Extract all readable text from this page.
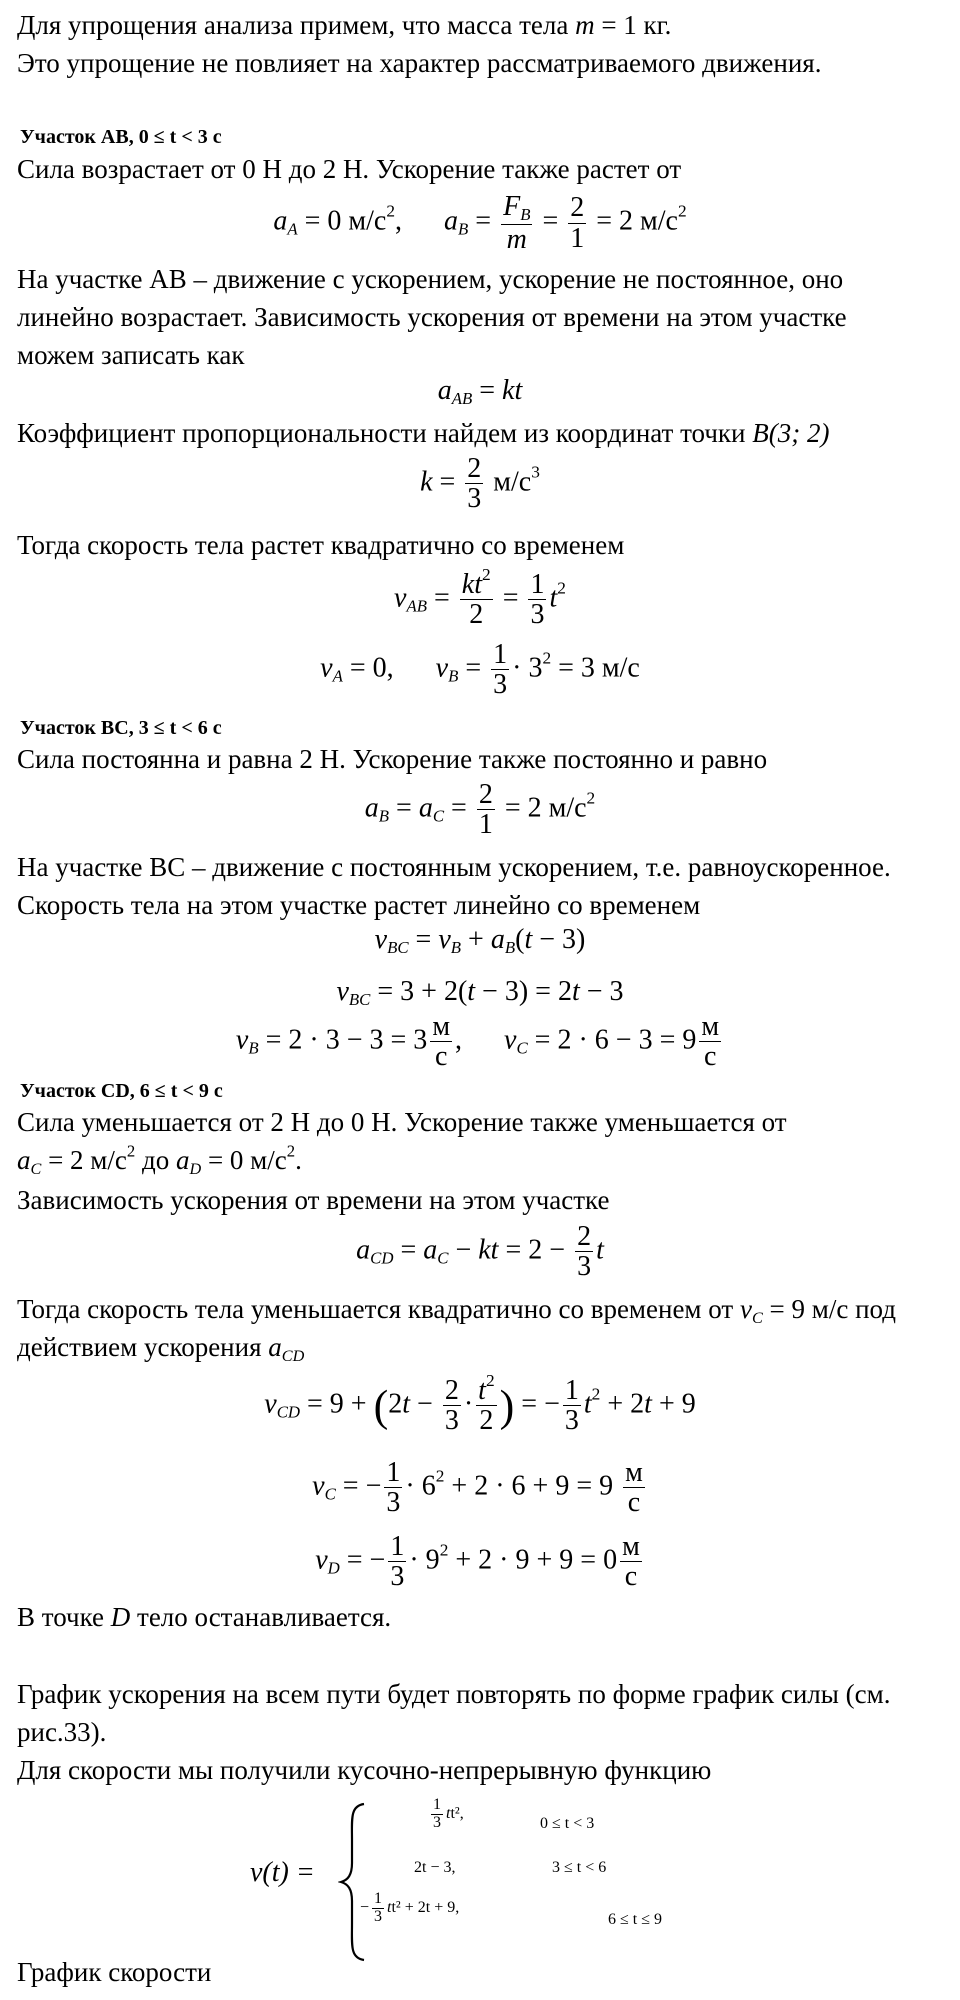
Для упрощения анализа примем, что масса тела m = 1 кг.
Это упрощение не повлияет на характер рассматриваемого движения.
Участок AB, 0 ≤ t < 3 c
Сила возрастает от 0 Н до 2 Н. Ускорение также растет от
$a_A = 0$ $м/с^2$, $a_B = \frac{F_B}{m} = \frac{2}{1} = 2$ $м/с^2$
На участке AB – движение с ускорением, ускорение не постоянное, оно
линейно возрастает. Зависимость ускорения от времени на этом участке
можем записать как
$a_{AB}$ = kt
Коэффициент пропорциональности найдем из координат точки B(3; 2)
$k = \frac{2}{3} м/с^3$
Тогда скорость тела растет квадратично со временем
$v_{AB} = \frac{kt^2}{2} = \frac{1}{3} t^2$
$v_A = 0$, $v_B = \frac{1}{3} \cdot 3^2 = 3$ м/с
Участок BC, 3 ≤ t < 6 c
Сила постоянна и равна 2 Н. Ускорение также постоянно и равно
$a_B = a_C = \frac{2}{1} = 2$ $м/с^2$
На участке BC – движение с постоянным ускорением, т.е. равноускоренное.
Скорость тела на этом участке растет линейно со временем
$v_{BC} = v_B + a_B(t - 3)$
$v_{BC} = 3 + 2(t - 3) = 2t - 3$
$v_B = 2 \cdot 3 - 3 = 3 \frac{м}{с}$ , $v_C = 2 \cdot 6 - 3 = 9 \frac{м}{с}$
Участок CD, 6 ≤ t < 9 c
Сила уменьшается от 2 Н до 0 Н. Ускорение также уменьшается от
$a_C = 2$ $м/с^2$ до $a_D = 0$ $м/с^2$.
Зависимость ускорения от времени на этом участке
$a_{CD} = a_C$ − kt = $2 - \frac{2}{3}$ t
Тогда скорость тела уменьшается квадратично со временем от $v_C = 9$ м/с под
действием ускорения $a_{CD}$
$v_{CD} = 9 + (2t - \frac{2}{3} \cdot \frac{t^2}{2}$ ) = − $\frac{1}{3} t^2 + 2t + 9$
$v_C$ = − $\frac{1}{3} \cdot 6^2 + 2 \cdot 6 + 9 = 9 \frac{м}{с}$
$v_D$ = − $\frac{1}{3} \cdot 9^2 + 2 \cdot 9 + 9 = 0 \frac{м}{с}$
В точке D тело останавливается.
График ускорения на всем пути будет повторять по форме график силы (см.
рис.33).
Для скорости мы получили кусочно-непрерывную функцию
v(t) =
$\frac{1}{3} tt^2$,
0 ≤ t < 3
2t − 3,	3 ≤ t < 6
− $\frac{1}{3} tt^2 + 2t + 9$,
6 ≤ t ≤ 9
График скорости
